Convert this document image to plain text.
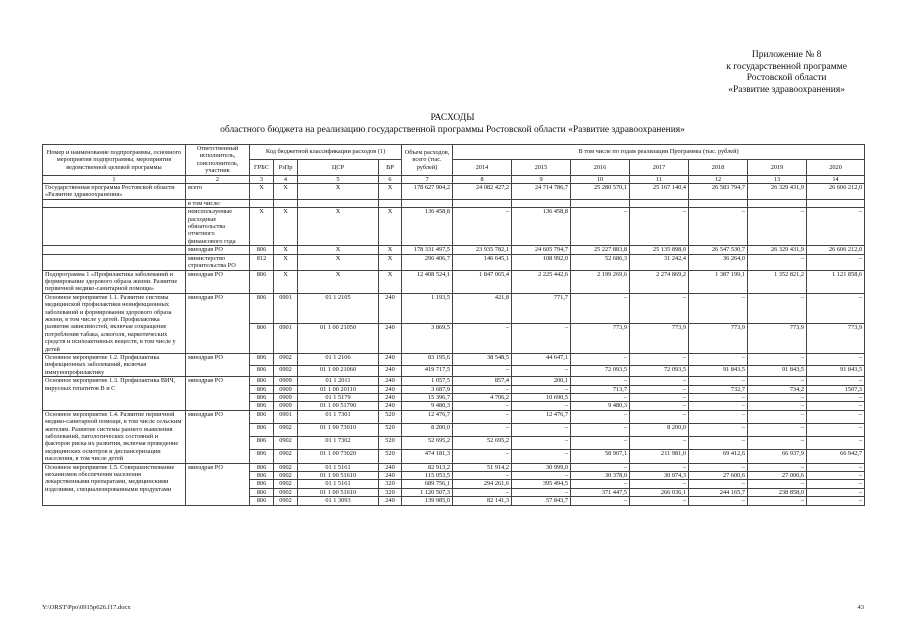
Приложение № 8
к государственной программе
Ростовской области
«Развитие здравоохранения»
РАСХОДЫ
областного бюджета на реализацию государственной программы Ростовской области «Развитие здравоохранения»
Номер и наименование подпрограммы, основного мероприятия подпрограммы, мероприятия ведомственной целевой программы	Ответственный исполнитель, соисполнитель, участник	Код бюджетной классификации расходов (1)				Объем расходов, всего (тыс. рублей)	В том числе по годам реализации Программы (тыс. рублей)						
		ГРБС	РзПр	ЦСР	ВР		2014	2015	2016	2017	2018	2019	2020
1	2	3	4	5	6	7	8	9	10	11	12	13	14
Государственная программа Ростовской области «Развитие здравоохранения»	всего	X	X	X	X	178 627 904,2	24 082 427,2	24 714 786,7	25 280 570,1	25 167 140,4	26 583 794,7	26 329 431,9	26 606 212,0
	в том числе:												
	неиспользуемые расходные обязательства отчетного финансового года	X	X	X	X	136 458,8	–	136 458,8	–	–	–	–	–
	минздрав РО	806	X	X	X	178 331 497,5	23 935 782,1	24 605 794,7	25 227 883,8	25 135 898,0	26 547 530,7	26 329 431,9	26 606 212,0
	министерство строительства РО	812	X	X	X	296 406,7	146 645,1	108 992,0	52 686,3	31 242,4	36 264,0	–	–
Подпрограмма 1 «Профилактика заболеваний и формирование здорового образа жизни. Развитие первичной медико-санитарной помощи»	минздрав РО	806	X	X	X	12 408 524,1	1 847 065,4	2 225 442,6	2 199 269,6	2 274 869,2	1 387 199,1	1 352 821,2	1 121 858,6
Основное мероприятие 1.1. Развитие системы медицинской профилактики неинфекционных заболеваний и формирования здорового образа жизни, в том числе у детей. Профилактика развития зависимостей, включая сокращение потребления табака, алкоголя, наркотических средств и психоактивных веществ, в том числе у детей	минздрав РО	806	0901	01 1 2105	240	1 193,5	421,8	771,7	–	–	–	–	–
		806	0901	01 1 00 21050	240	3 869,5	–	–	773,9	773,9	773,9	773,9	773,9
Основное мероприятие 1.2. Профилактика инфекционных заболеваний, включая иммунопрофилактику	минздрав РО	806	0902	01 1 2106	240	83 195,6	38 548,5	44 647,1	–	–	–	–	–
		806	0902	01 1 00 21060	240	419 717,5	–	–	72 093,5	72 093,5	91 843,5	91 843,5	91 843,5
Основное мероприятие 1.3. Профилактика ВИЧ, вирусных гепатитов В и С	минздрав РО	806	0909	01 1 2011	240	1 057,5	857,4	200,1	–	–	–	–	–
		806	0909	01 1 00 20110	240	3 687,9	–	–	713,7	–	732,7	734,2	1507,3
		806	0909	01 1 5179	240	15 396,7	4 706,2	10 690,5	–	–	–	–	–
		806	0909	01 1 00 51790	240	9 480,3	–	–	9 480,3	–	–	–	–
Основное мероприятие 1.4. Развитие первичной медико-санитарной помощи, в том числе сельским жителям. Развитие системы раннего выявления заболеваний, патологических состояний и факторов риска их развития, включая проведение медицинских осмотров и диспансеризации населения, в том числе детей	минздрав РО	806	0901	01 1 7301	520	12 476,7	–	12 476,7	–	–	–	–	–
		806	0902	01 1 00 73010	520	8 200,0	–	–	–	8 200,0	–	–	–
		806	0902	01 1 7302	520	52 695,2	52 695,2	–	–	–	–	–	–
		806	0902	01 1 00 73020	520	474 181,3	–	–	58 907,1	211 981,0	69 412,6	66 937,9	66 942,7
Основное мероприятие 1.5. Совершенствование механизмов обеспечения населения лекарственными препаратами, медицинскими изделиями, специализированными продуктами	минздрав РО	806	0902	01 1 5161	240	82 913,2	51 914,2	30 999,0	–	–	–	–	–
		806	0902	01 1 00 51610	240	115 053,5	–	–	30 378,0	30 074,3	27 600,6	27 000,6	–
		806	0902	01 1 5161	320	689 756,1	294 261,6	395 494,5	–	–	–	–	–
		806	0902	01 1 00 51610	320	1 120 507,3	–	–	371 447,5	266 036,1	244 165,7	238 858,0	–
		806	0902	01 1 3093	240	139 985,0	82 141,3	57 843,7	–	–	–	–	–
Y:\ORST\Ppo\0915p626.f17.docx	43
